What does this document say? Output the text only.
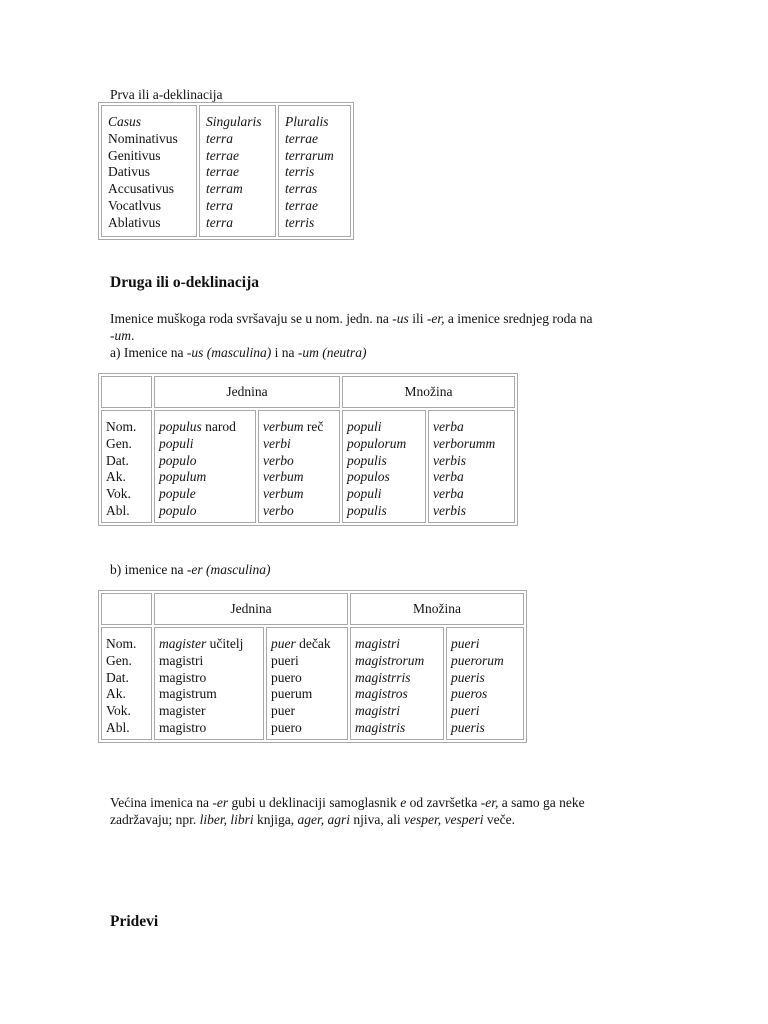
Prva ili a-deklinacija
Casus
Nominativus
Genitivus
Dativus
Accusativus
Vocatlvus
Ablativus
Singularis
terra
terrae
terrae
terram
terra
terra
Pluralis
terrae
terrarum
terris
terras
terrae
terris
Druga ili o-deklinacija
Imenice muškoga roda svršavaju se u nom. jedn. na -us ili -er, a imenice srednjeg roda na
-um.
a) Imenice na -us (masculina) i na -um (neutra)
Jednina	Množina
Nom.
Gen.
Dat.
Ak.
Vok.
Abl.
populus narod
populi
populo
populum
popule
populo
verbum reč
verbi
verbo
verbum
verbum
verbo
populi
populorum
populis
populos
populi
populis
verba
verborumm
verbis
verba
verba
verbis
b) imenice na -er (masculina)
Jednina	Množina
Nom.
Gen.
Dat.
Ak.
Vok.
Abl.
magister učitelj
magistri
magistro
magistrum
magister
magistro
puer dečak
pueri
puero
puerum
puer
puero
magistri
magistrorum
magistrris
magistros
magistri
magistris
pueri
puerorum
pueris
pueros
pueri
pueris
Većina imenica na -er gubi u deklinaciji samoglasnik e od završetka -er, a samo ga neke
zadržavaju; npr. liber, libri knjiga, ager, agri njiva, ali vesper, vesperi veče.
Pridevi
